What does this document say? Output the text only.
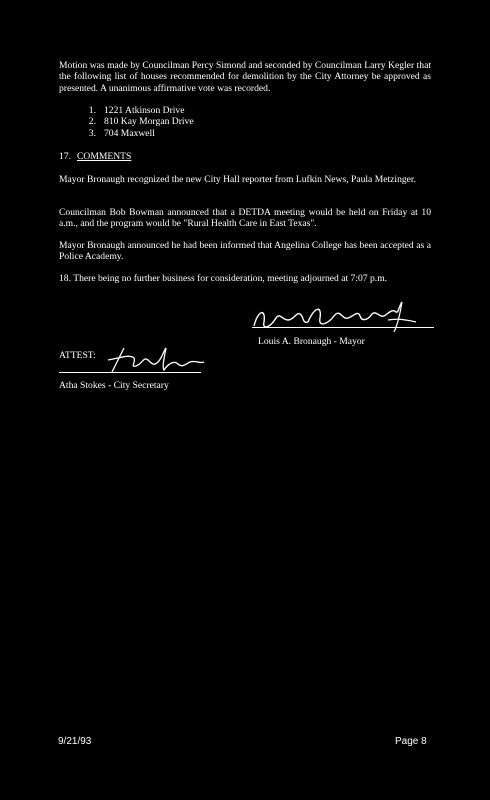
Motion was made by Councilman Percy Simond and seconded by Councilman Larry Kegler that the following list of houses recommended for demolition by the City Attorney be approved as presented. A unanimous affirmative vote was recorded.

1. 1221 Atkinson Drive
2. 810 Kay Morgan Drive
3. 704 Maxwell
17. COMMENTS

Mayor Bronaugh recognized the new City Hall reporter from Lufkin News, Paula Metzinger.

Councilman Bob Bowman announced that a DETDA meeting would be held on Friday at 10 a.m., and the program would be "Rural Health Care in East Texas".

Mayor Bronaugh announced he had been informed that Angelina College has been accepted as a Police Academy.

18. There being no further business for consideration, meeting adjourned at 7:07 p.m.

Louis A. Bronaugh - Mayor
ATTEST:
Atha Stokes - City Secretary
9/21/93	Page 8
